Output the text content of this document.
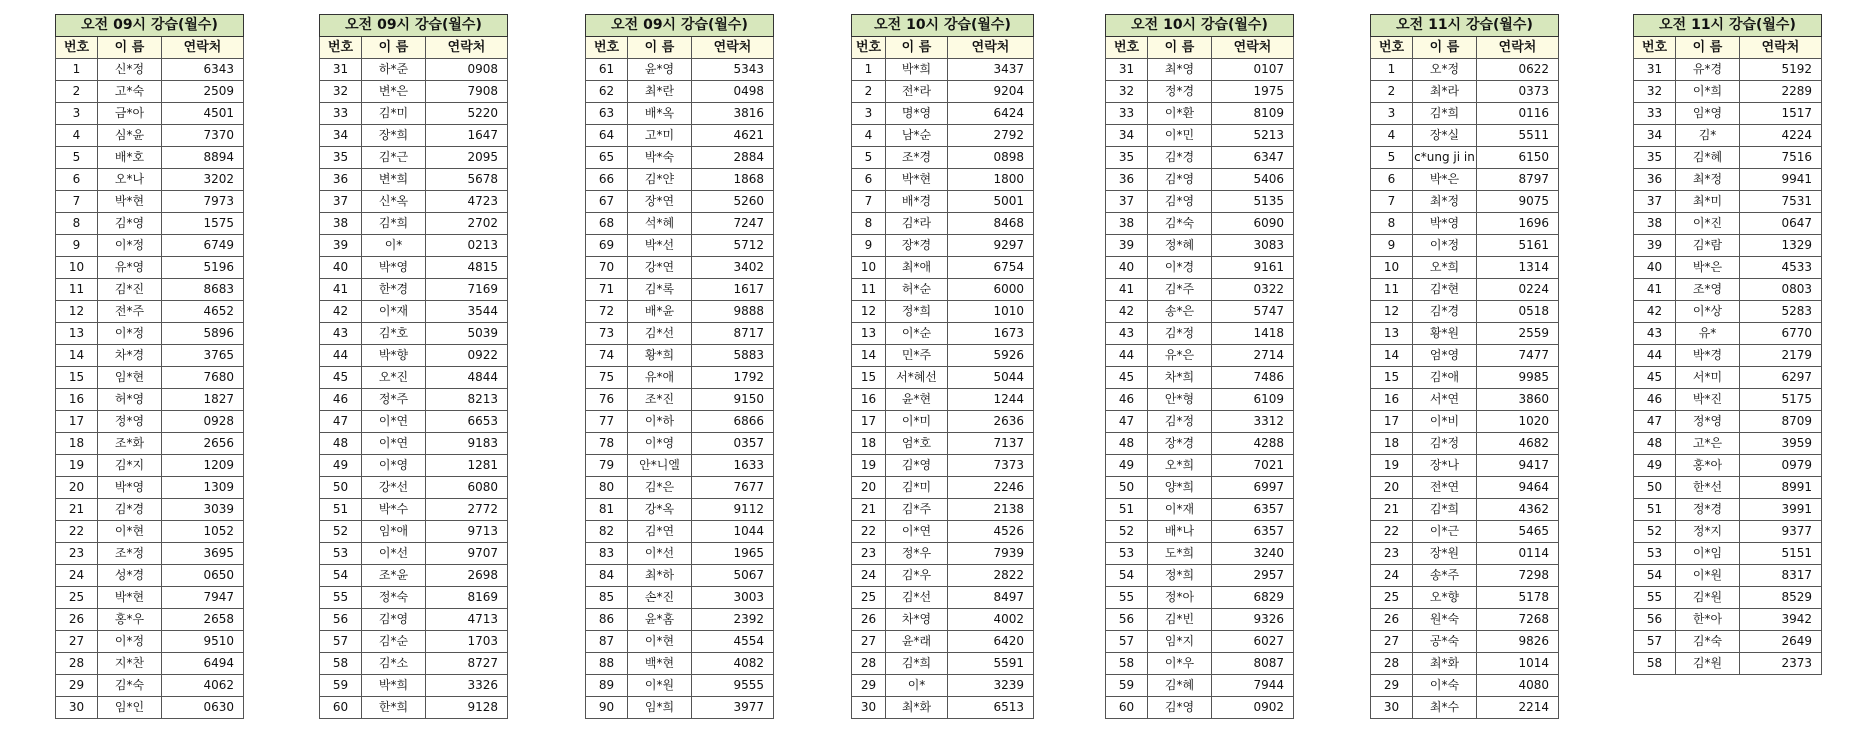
오전 09시 강습(월수)		
번호	이 름	연락처
1	신*정	6343
2	고*숙	2509
3	금*아	4501
4	심*윤	7370
5	배*호	8894
6	오*나	3202
7	박*현	7973
8	김*영	1575
9	이*정	6749
10	유*영	5196
11	김*진	8683
12	전*주	4652
13	이*정	5896
14	차*경	3765
15	임*현	7680
16	허*영	1827
17	정*영	0928
18	조*화	2656
19	김*지	1209
20	박*영	1309
21	김*경	3039
22	이*현	1052
23	조*정	3695
24	성*경	0650
25	박*현	7947
26	홍*우	2658
27	이*정	9510
28	지*찬	6494
29	김*숙	4062
30	임*인	0630
오전 09시 강습(월수)		
번호	이 름	연락처
31	하*준	0908
32	변*은	7908
33	김*미	5220
34	장*희	1647
35	김*근	2095
36	변*희	5678
37	신*옥	4723
38	김*희	2702
39	이*	0213
40	박*영	4815
41	한*경	7169
42	이*재	3544
43	김*호	5039
44	박*향	0922
45	오*진	4844
46	정*주	8213
47	이*연	6653
48	이*연	9183
49	이*영	1281
50	강*선	6080
51	박*수	2772
52	임*애	9713
53	이*선	9707
54	조*윤	2698
55	정*숙	8169
56	김*영	4713
57	김*순	1703
58	김*소	8727
59	박*희	3326
60	한*희	9128
오전 09시 강습(월수)		
번호	이 름	연락처
61	윤*영	5343
62	최*란	0498
63	배*옥	3816
64	고*미	4621
65	박*숙	2884
66	김*얀	1868
67	장*연	5260
68	석*혜	7247
69	박*선	5712
70	강*연	3402
71	김*록	1617
72	배*윤	9888
73	김*선	8717
74	황*희	5883
75	유*애	1792
76	조*진	9150
77	이*하	6866
78	이*영	0357
79	안*니엘	1633
80	김*은	7677
81	강*옥	9112
82	김*연	1044
83	이*선	1965
84	최*하	5067
85	손*진	3003
86	윤*홈	2392
87	이*현	4554
88	백*현	4082
89	이*원	9555
90	임*희	3977
오전 10시 강습(월수)		
번호	이 름	연락처
1	박*희	3437
2	전*라	9204
3	명*영	6424
4	남*순	2792
5	조*경	0898
6	박*현	1800
7	배*경	5001
8	김*라	8468
9	장*경	9297
10	최*애	6754
11	허*순	6000
12	정*희	1010
13	이*순	1673
14	민*주	5926
15	서*혜선	5044
16	윤*현	1244
17	이*미	2636
18	엄*호	7137
19	김*영	7373
20	김*미	2246
21	김*주	2138
22	이*연	4526
23	정*우	7939
24	김*우	2822
25	김*선	8497
26	차*영	4002
27	윤*래	6420
28	김*희	5591
29	이*	3239
30	최*화	6513
오전 10시 강습(월수)		
번호	이 름	연락처
31	최*영	0107
32	정*경	1975
33	이*환	8109
34	이*민	5213
35	김*경	6347
36	김*영	5406
37	김*영	5135
38	김*숙	6090
39	정*혜	3083
40	이*경	9161
41	김*주	0322
42	송*은	5747
43	김*정	1418
44	유*은	2714
45	차*희	7486
46	안*형	6109
47	김*정	3312
48	장*경	4288
49	오*희	7021
50	양*희	6997
51	이*재	6357
52	배*나	6357
53	도*희	3240
54	정*희	2957
55	정*아	6829
56	김*빈	9326
57	임*지	6027
58	이*우	8087
59	김*혜	7944
60	김*영	0902
오전 11시 강습(월수)		
번호	이 름	연락처
1	오*정	0622
2	최*라	0373
3	김*희	0116
4	장*실	5511
5	c*ung ji in	6150
6	박*은	8797
7	최*정	9075
8	박*영	1696
9	이*정	5161
10	오*희	1314
11	김*현	0224
12	김*경	0518
13	황*원	2559
14	엄*영	7477
15	김*애	9985
16	서*연	3860
17	이*비	1020
18	김*정	4682
19	장*나	9417
20	전*연	9464
21	김*희	4362
22	이*근	5465
23	장*원	0114
24	송*주	7298
25	오*향	5178
26	원*숙	7268
27	공*숙	9826
28	최*화	1014
29	이*숙	4080
30	최*수	2214
오전 11시 강습(월수)		
번호	이 름	연락처
31	유*경	5192
32	이*희	2289
33	임*영	1517
34	김*	4224
35	김*혜	7516
36	최*정	9941
37	최*미	7531
38	이*진	0647
39	김*람	1329
40	박*은	4533
41	조*영	0803
42	이*상	5283
43	유*	6770
44	박*경	2179
45	서*미	6297
46	박*진	5175
47	정*영	8709
48	고*은	3959
49	홍*아	0979
50	한*선	8991
51	정*경	3991
52	정*지	9377
53	이*임	5151
54	이*원	8317
55	김*원	8529
56	한*아	3942
57	김*숙	2649
58	김*원	2373
